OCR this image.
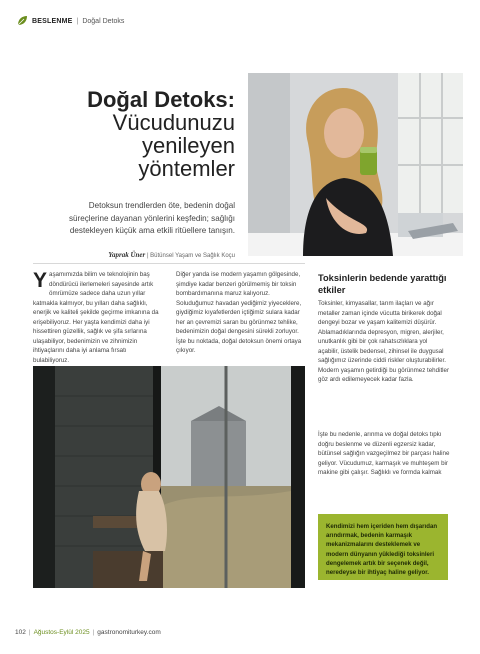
BESLENME | Doğal Detoks
Doğal Detoks:
Vücudunuzu
yenileyen
yöntemler
Detoksun trendlerden öte, bedenin doğal süreçlerine dayanan yönlerini keşfedin; sağlığı destekleyen küçük ama etkili ritüellere tanışın.
Yaprak Üner | Bütünsel Yaşam ve Sağlık Koçu
Y aşamımızda bilim ve teknolojinin baş döndürücü ilerlemeleri sayesinde artık ömrümüze sadece daha uzun yıllar katmakla kalmıyor, bu yılları daha sağlıklı, enerjik ve kaliteli şekilde geçirme imkanına da erişebiliyoruz. Her yaşta kendimizi daha iyi hissettiren güzellik, sağlık ve şifa sırlarına ulaşabiliyor, bedenimizin ve zihnimizin ihtiyaçlarını daha iyi anlama fırsatı bulabiliyoruz.
Diğer yanda ise modern yaşamın gölgesinde, şimdiye kadar benzeri görülmemiş bir toksin bombardımanına maruz kalıyoruz. Soluduğumuz havadan yediğimiz yiyeceklere, giydiğimiz kıyafetlerden içtiğimiz sulara kadar her an çevremizi saran bu görünmez tehlike, bedenimizin doğal dengesini sürekli zorluyor. İşte bu noktada, doğal detoksun önemi ortaya çıkıyor.
Toksinlerin bedende yarattığı etkiler
Toksinler, kimyasallar, tarım ilaçları ve ağır metaller zaman içinde vücutta birikerek doğal dengeyi bozar ve yaşam kalitemizi düşürür. Ablamadıklarında depresyon, migren, alerjiler, unutkanlık gibi bir çok rahatsızlıklara yol açabilir, üstelik bedensel, zihinsel ile duygusal sağlığımız üzerinde ciddi riskler oluşturabilirler. Modern yaşamın getirdiği bu görünmez tehditler göz ardı edilemeyecek kadar fazla.
İşte bu nedenle, arınma ve doğal detoks tıpkı doğru beslenme ve düzenli egzersiz kadar, bütünsel sağlığın vazgeçilmez bir parçası haline geliyor. Vücudumuz, karmaşık ve muhteşem bir makine gibi çalışır. Sağlıklı ve formda kalmak
Kendimizi hem içeriden hem dışarıdan arındırmak, bedenin karmaşık mekanizmalarını desteklemek ve modern dünyanın yüklediği toksinleri dengelemek artık bir seçenek değil, neredeyse bir ihtiyaç haline geliyor.
102 | Ağustos-Eylül 2025 | gastronomiturkey.com
